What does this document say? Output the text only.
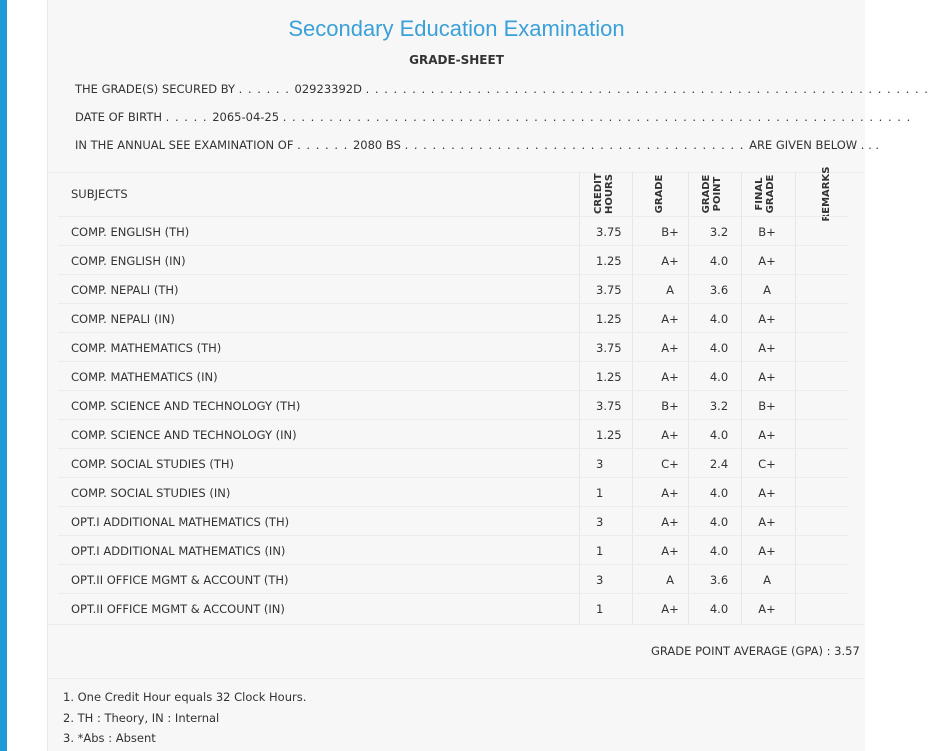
Secondary Education Examination
GRADE-SHEET
THE GRADE(S) SECURED BY . . . . . . 02923392D . . . . . . . . . . . . . . . . . . . . . . . . . . . . . . . . . . . . . . . . . . . . . . . . . . . . . . . . . . . . .
DATE OF BIRTH . . . . . 2065-04-25 . . . . . . . . . . . . . . . . . . . . . . . . . . . . . . . . . . . . . . . . . . . . . . . . . . . . . . . . . . . . . . . . . . . .
IN THE ANNUAL SEE EXAMINATION OF . . . . . . 2080 BS . . . . . . . . . . . . . . . . . . . . . . . . . . . . . . . . . . . . . ARE GIVEN BELOW . . .
SUBJECTS	CREDIT HOURS	GRADE	GRADE POINT	FINAL GRADE	REMARKS
COMP. ENGLISH (TH)	3.75	B+	3.2	B+
COMP. ENGLISH (IN)	1.25	A+	4.0	A+
COMP. NEPALI (TH)	3.75	A	3.6	A
COMP. NEPALI (IN)	1.25	A+	4.0	A+
COMP. MATHEMATICS (TH)	3.75	A+	4.0	A+
COMP. MATHEMATICS (IN)	1.25	A+	4.0	A+
COMP. SCIENCE AND TECHNOLOGY (TH)	3.75	B+	3.2	B+
COMP. SCIENCE AND TECHNOLOGY (IN)	1.25	A+	4.0	A+
COMP. SOCIAL STUDIES (TH)	3	C+	2.4	C+
COMP. SOCIAL STUDIES (IN)	1	A+	4.0	A+
OPT.I ADDITIONAL MATHEMATICS (TH)	3	A+	4.0	A+
OPT.I ADDITIONAL MATHEMATICS (IN)	1	A+	4.0	A+
OPT.II OFFICE MGMT & ACCOUNT (TH)	3	A	3.6	A
OPT.II OFFICE MGMT & ACCOUNT (IN)	1	A+	4.0	A+
GRADE POINT AVERAGE (GPA) : 3.57
1. One Credit Hour equals 32 Clock Hours.
2. TH : Theory, IN : Internal
3. *Abs : Absent
